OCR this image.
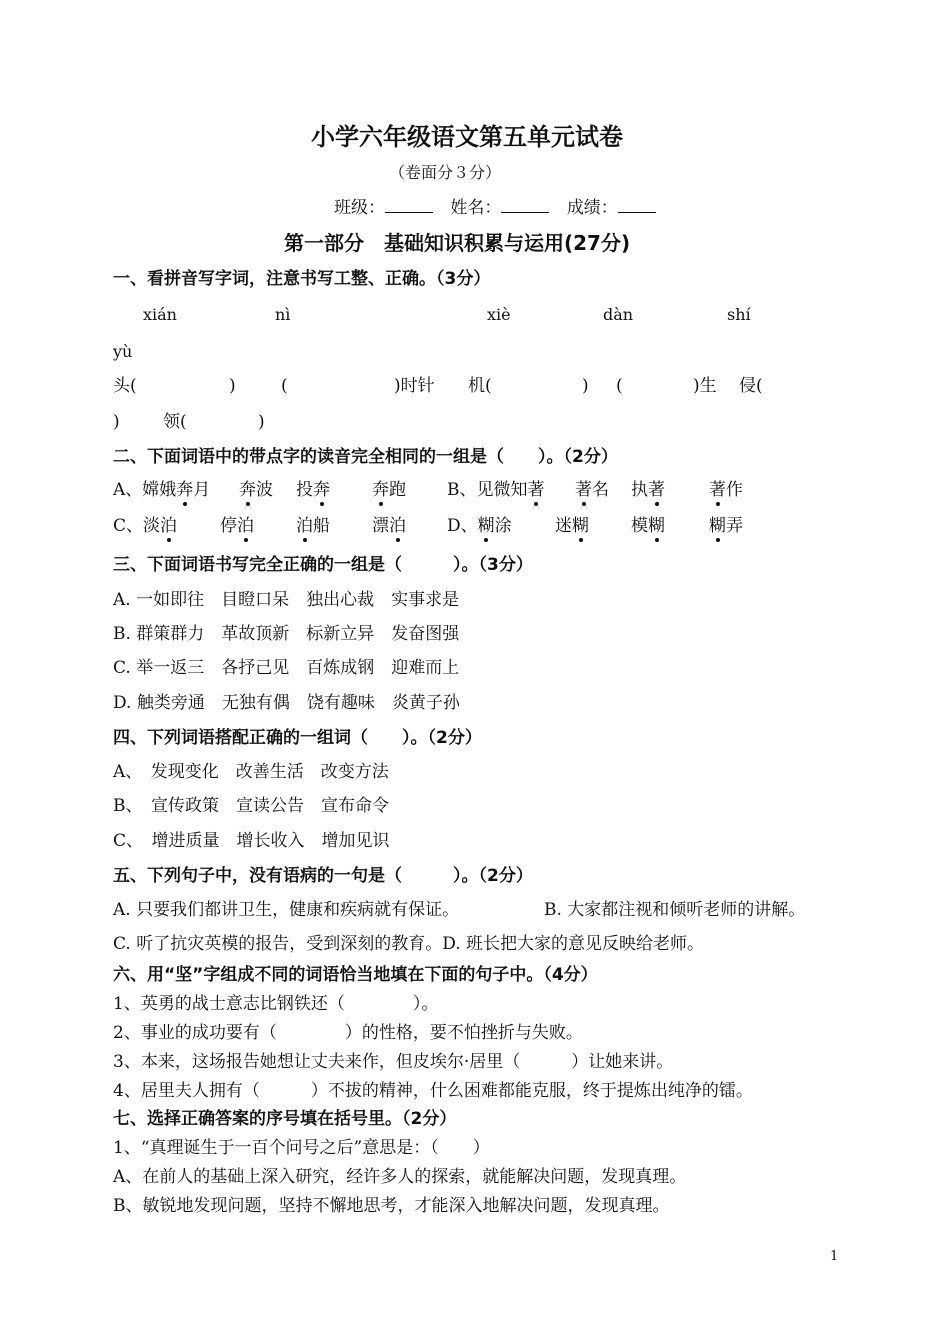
小学六年级语文第五单元试卷
（卷面分３分）
班级：	姓名：	成绩：
第一部分　基础知识积累与运用(27分)
一、看拼音写字词，注意书写工整、正确。（3分）
xián	nì	xiè	dàn	shí
yù
头(	)	(	)时针 机(	) (	)生 侵(
)	领(	)
二、下面词语中的带点字的读音完全相同的一组是（　　）。（2分）
A、嫦娥奔月 奔波 投奔 奔跑 B、见微知著 著名 执著	著作
C、淡泊	停泊 泊船 漂泊 D、糊涂	迷糊 模糊	糊弄
三、下面词语书写完全正确的一组是（　　　）。（3分）
A. 一如即往　目瞪口呆　独出心裁　实事求是
B. 群策群力　革故顶新　标新立异　发奋图强
C. 举一返三　各抒己见　百炼成钢　迎难而上
D. 触类旁通　无独有偶　饶有趣味　炎黄子孙
四、下列词语搭配正确的一组词（　　）。（2分）
A、　发现变化　改善生活　改变方法
B、　宣传政策　宣读公告　宣布命令
C、　增进质量　增长收入　增加见识
五、下列句子中，没有语病的一句是（　　　）。（2分）
A. 只要我们都讲卫生，健康和疾病就有保证。	B. 大家都注视和倾听老师的讲解。
C. 听了抗灾英模的报告，受到深刻的教育。D. 班长把大家的意见反映给老师。
六、用“坚”字组成不同的词语恰当地填在下面的句子中。（4分）
1、英勇的战士意志比钢铁还（　　　　）。
2、事业的成功要有（　　　　）的性格，要不怕挫折与失败。
3、本来，这场报告她想让丈夫来作，但皮埃尔·居里（　　　）让她来讲。
4、居里夫人拥有（　　　）不拔的精神，什么困难都能克服，终于提炼出纯净的镭。
七、选择正确答案的序号填在括号里。（2分）
1、“真理诞生于一百个问号之后”意思是：（　　）
A、在前人的基础上深入研究，经许多人的探索，就能解决问题，发现真理。
B、敏锐地发现问题，坚持不懈地思考，才能深入地解决问题，发现真理。
1
